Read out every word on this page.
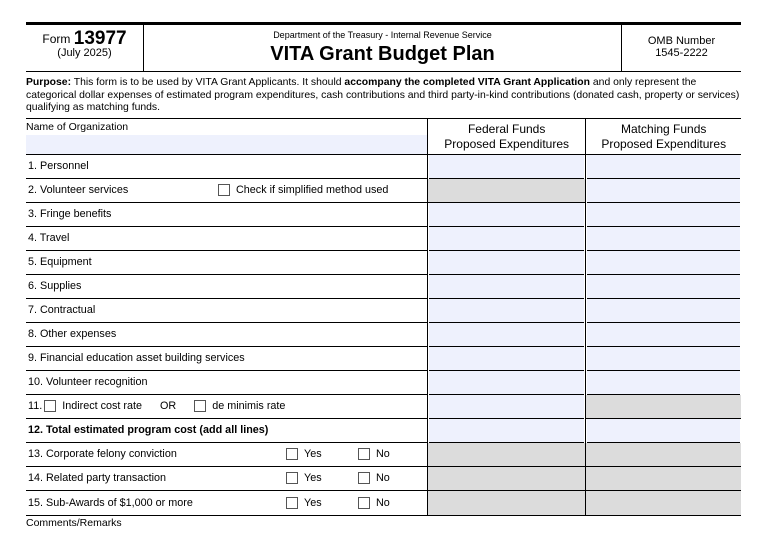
Form 13977
(July 2025)
Department of the Treasury - Internal Revenue Service
VITA Grant Budget Plan
OMB Number
1545-2222
Purpose: This form is to be used by VITA Grant Applicants. It should accompany the completed VITA Grant Application and only represent the categorical dollar expenses of estimated program expenditures, cash contributions and third party-in-kind contributions (donated cash, property or services) qualifying as matching funds.
Name of Organization
1. Personnel
2. Volunteer services	Check if simplified method used
3. Fringe benefits
4. Travel
5. Equipment
6. Supplies
7. Contractual
8. Other expenses
9. Financial education asset building services
10. Volunteer recognition
11. Indirect cost rate OR	de minimis rate
12. Total estimated program cost (add all lines)
13. Corporate felony conviction	Yes	No
14. Related party transaction	Yes	No
15. Sub-Awards of $1,000 or more	Yes	No
Federal Funds
Proposed Expenditures
Matching Funds
Proposed Expenditures
Comments/Remarks
